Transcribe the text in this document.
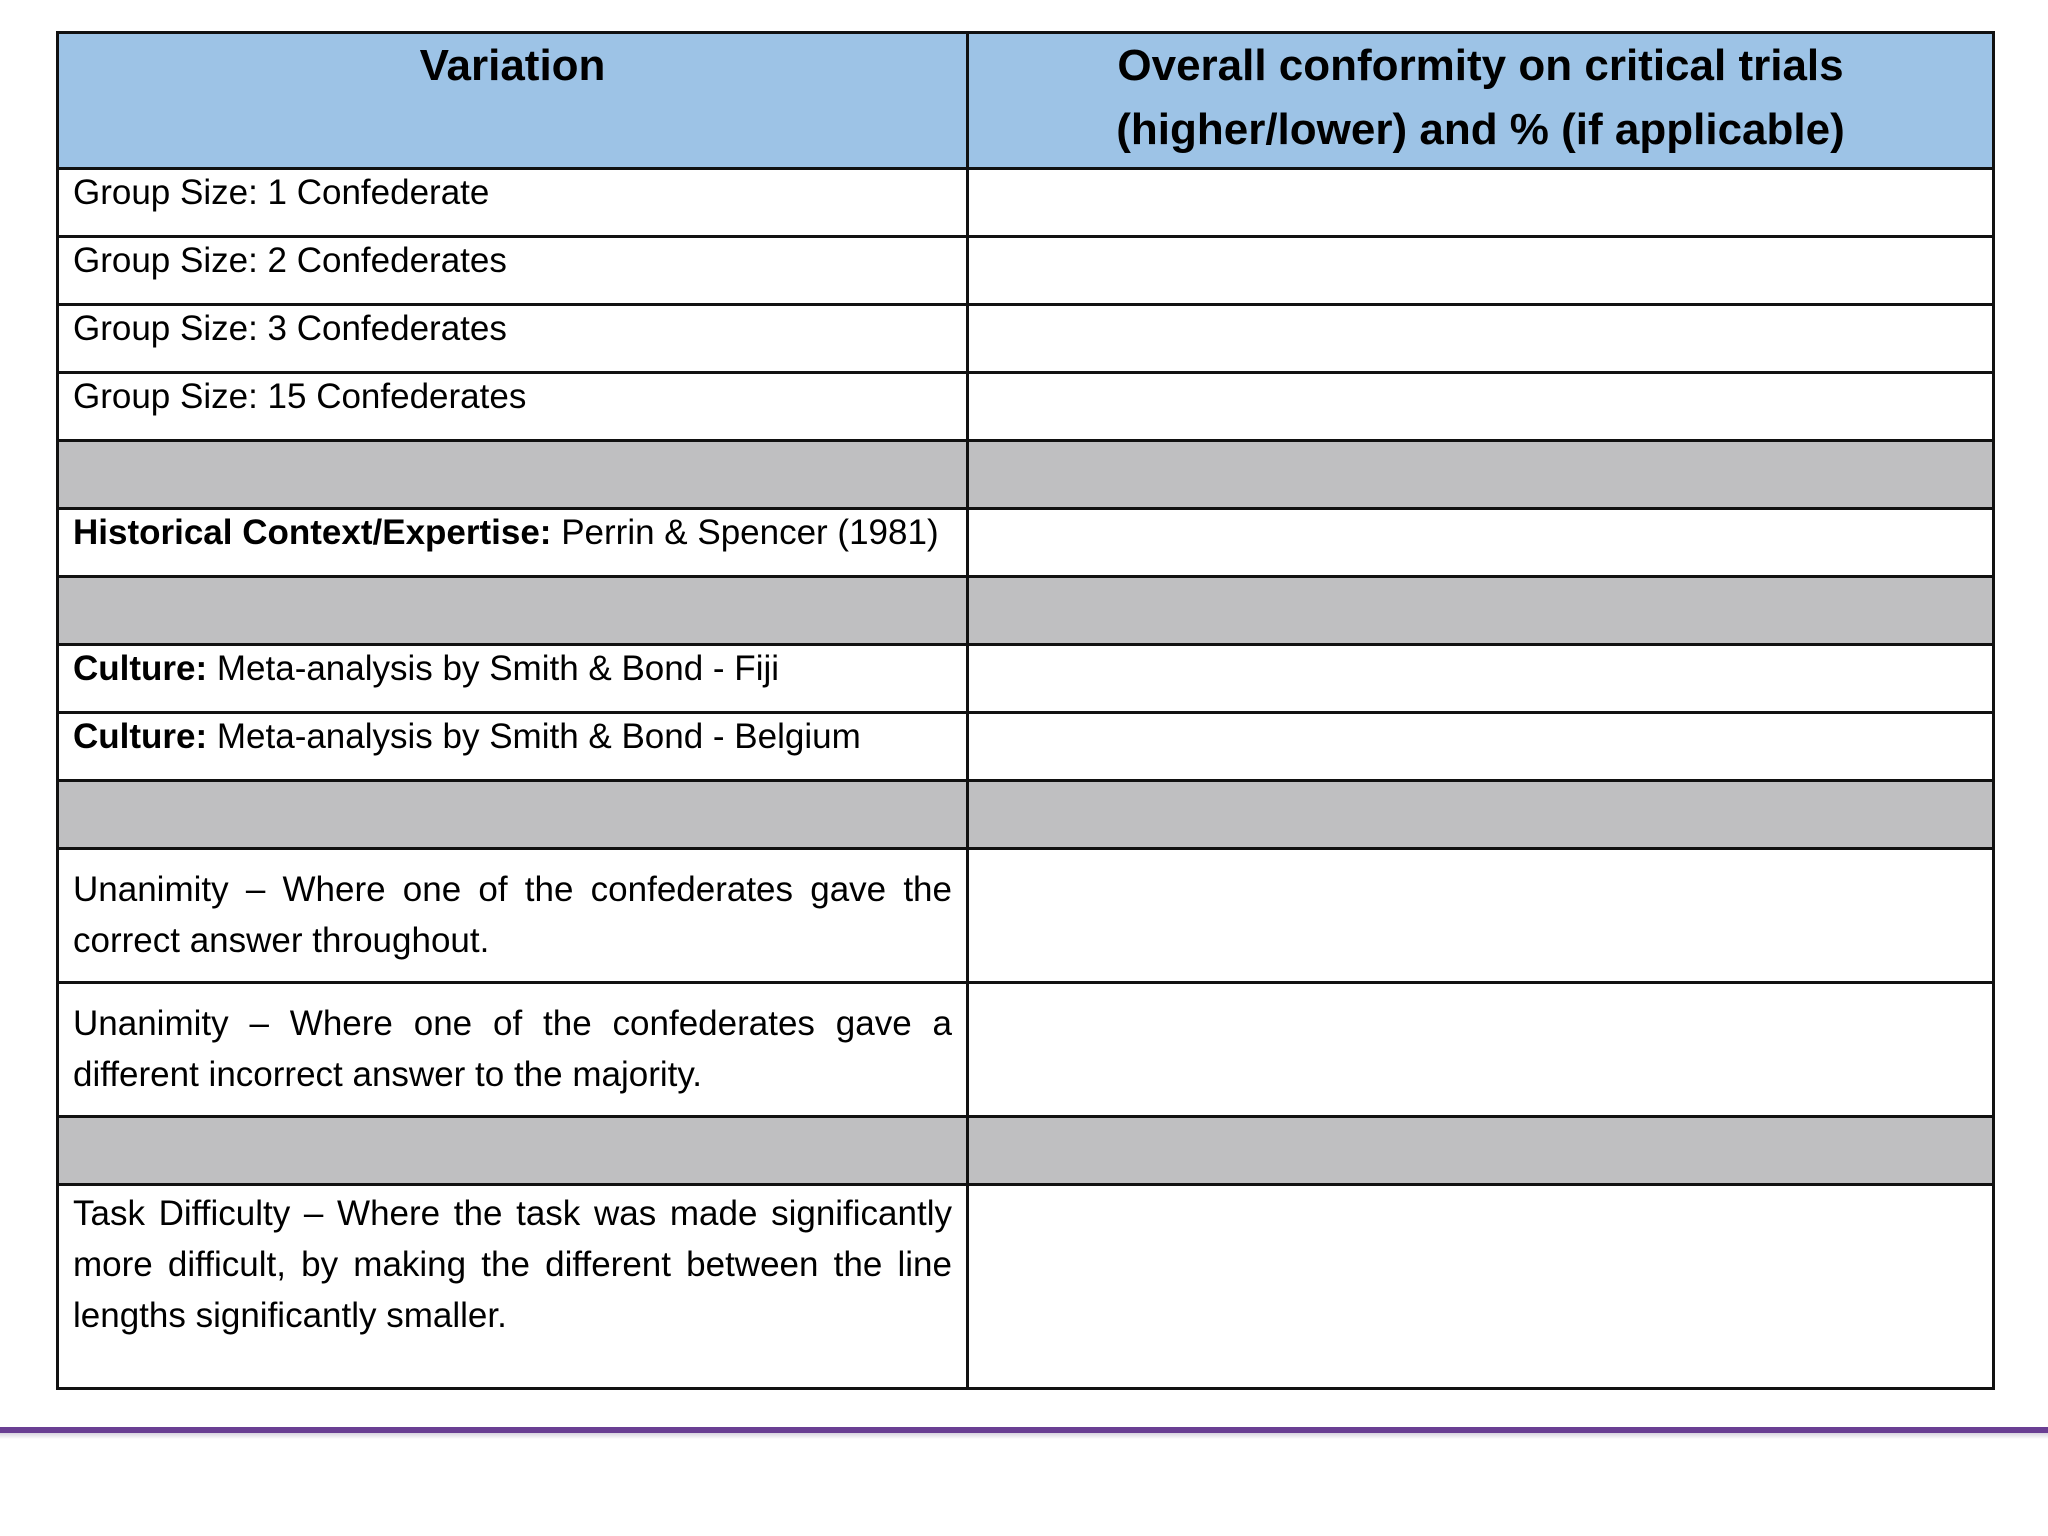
Variation	Overall conformity on critical trials
(higher/lower) and % (if applicable)
Group Size: 1 Confederate	
Group Size: 2 Confederates	
Group Size: 3 Confederates	
Group Size: 15 Confederates	

Historical Context/Expertise: Perrin & Spencer (1981)	

Culture: Meta-analysis by Smith & Bond - Fiji	
Culture: Meta-analysis by Smith & Bond - Belgium	

Unanimity – Where one of the confederates gave the correct answer throughout.	
Unanimity – Where one of the confederates gave a different incorrect answer to the majority.	

Task Difficulty – Where the task was made significantly more difficult, by making the different between the line lengths significantly smaller.	
